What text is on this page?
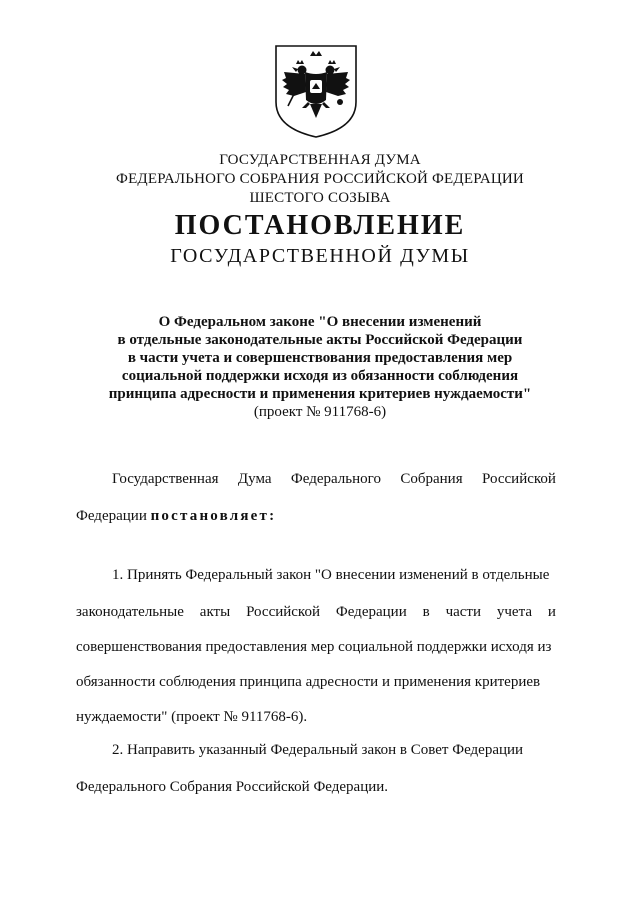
ГОСУДАРСТВЕННАЯ ДУМА
ФЕДЕРАЛЬНОГО СОБРАНИЯ РОССИЙСКОЙ ФЕДЕРАЦИИ
ШЕСТОГО СОЗЫВА
ПОСТАНОВЛЕНИЕ
ГОСУДАРСТВЕННОЙ ДУМЫ
О Федеральном законе "О внесении изменений
в отдельные законодательные акты Российской Федерации
в части учета и совершенствования предоставления мер
социальной поддержки исходя из обязанности соблюдения
принципа адресности и применения критериев нуждаемости"
(проект № 911768-6)
Государственная Дума Федерального Собрания Российской
Федерации постановляет:
1. Принять Федеральный закон "О внесении изменений в отдельные
законодательные акты Российской Федерации в части учета и
совершенствования предоставления мер социальной поддержки исходя из
обязанности соблюдения принципа адресности и применения критериев
нуждаемости" (проект № 911768-6).
2. Направить указанный Федеральный закон в Совет Федерации
Федерального Собрания Российской Федерации.
